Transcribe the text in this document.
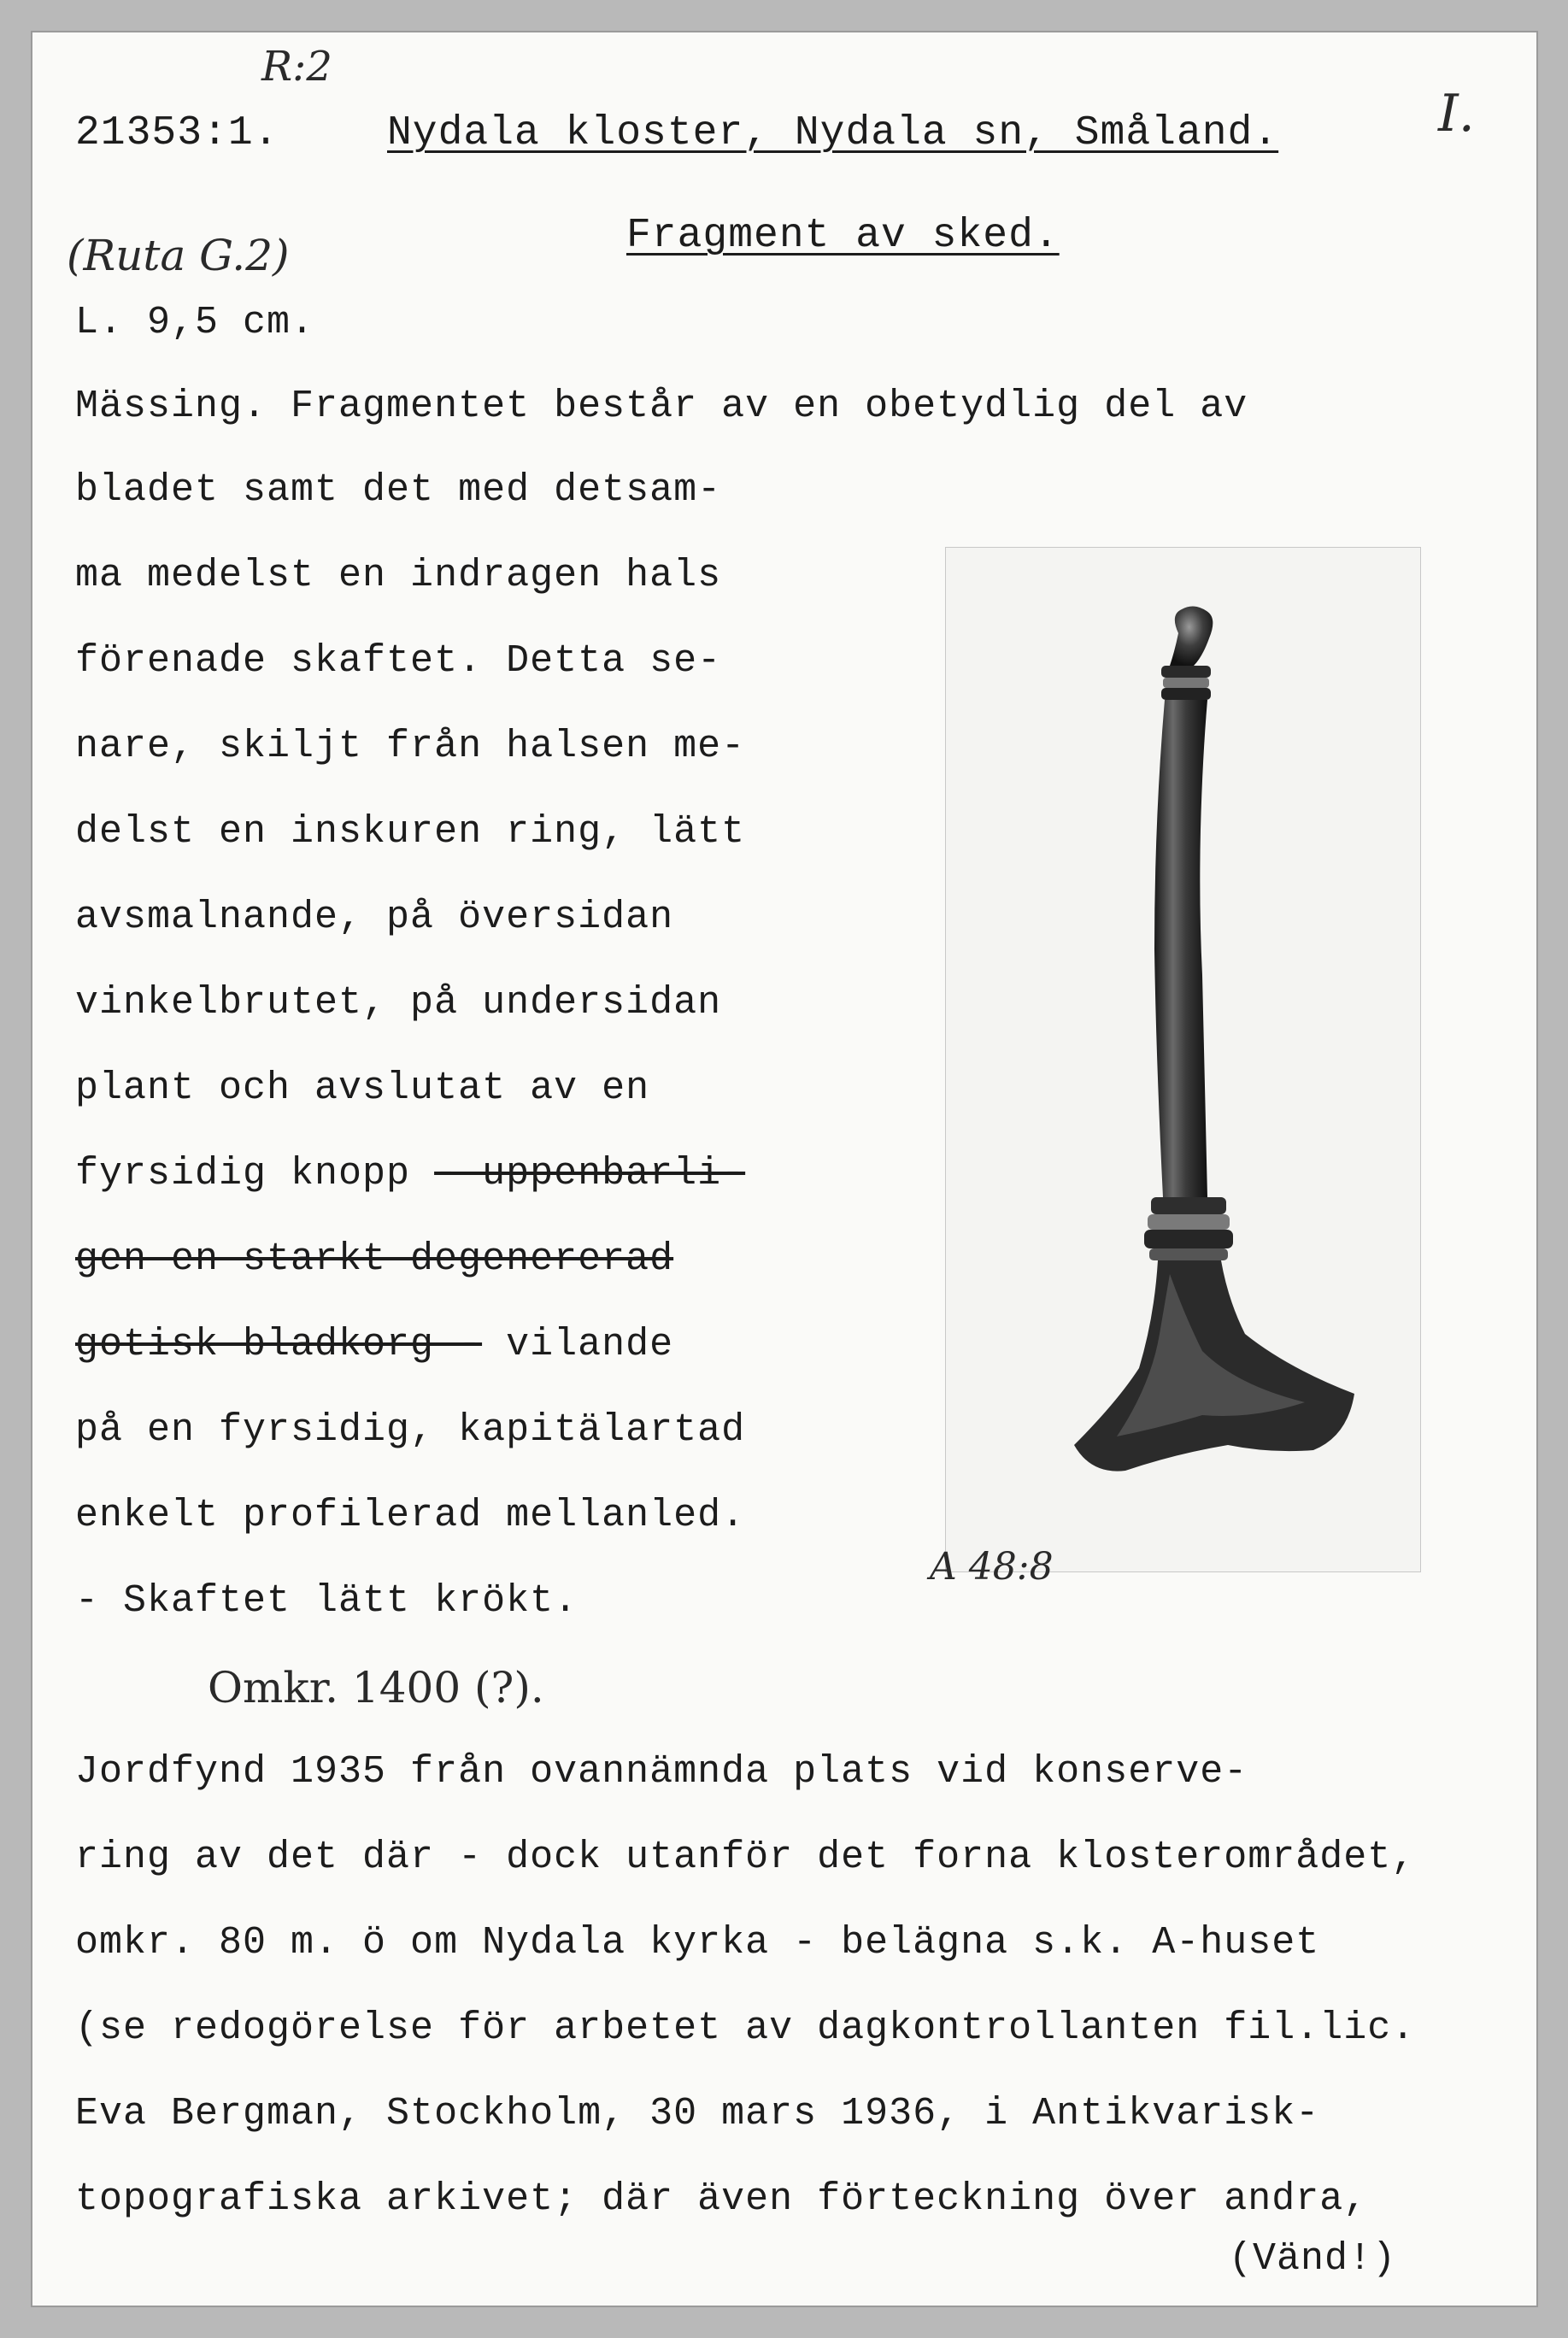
R:2
21353:1.	Nydala kloster, Nydala sn, Småland.	I.
(Ruta G.2)	Fragment av sked.
L. 9,5 cm.
Mässing. Fragmentet består av en obetydlig del av
bladet samt det med detsam-
ma medelst en indragen hals
förenade skaftet. Detta se-
nare, skiljt från halsen me-
delst en inskuren ring, lätt
avsmalnande, på översidan
vinkelbrutet, på undersidan
plant och avslutat av en
fyrsidig knopp - uppenbarli-
gen en starkt degenererad
gotisk bladkorg - vilande
på en fyrsidig, kapitälartad
enkelt profilerad mellanled.
- Skaftet lätt krökt.
Omkr. 1400 (?).
A 48:8
Jordfynd 1935 från ovannämnda plats vid konserve-
ring av det där - dock utanför det forna klosterområdet,
omkr. 80 m. ö om Nydala kyrka - belägna s.k. A-huset
(se redogörelse för arbetet av dagkontrollanten fil.lic.
Eva Bergman, Stockholm, 30 mars 1936, i Antikvarisk-
topografiska arkivet; där även förteckning över andra,
(Vänd!)
